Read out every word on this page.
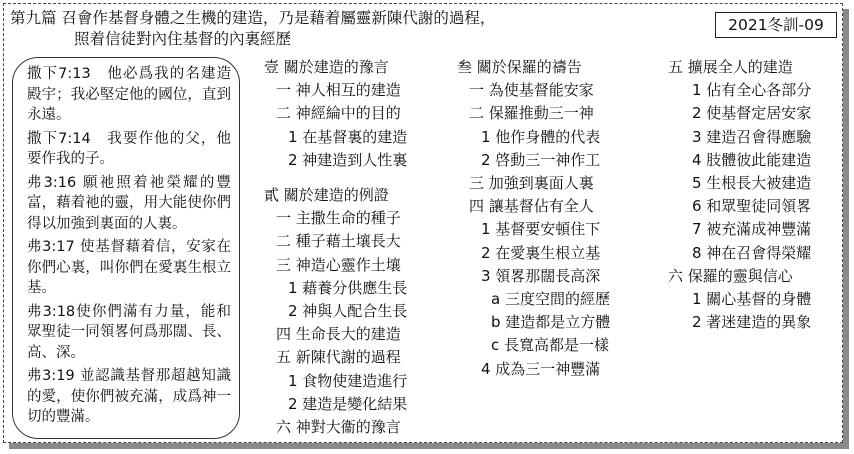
第九篇 召會作基督身體之生機的建造，乃是藉着屬靈新陳代謝的過程，
照着信徒對內住基督的內裏經歷
2021冬訓-09
撒下7:13　他必爲我的名建造殿宇；我必堅定他的國位，直到永遠。
撒下7:14　我要作他的父，他要作我的子。
弗3:16 願祂照着祂榮耀的豐富，藉着祂的靈，用大能使你們得以加強到裏面的人裏。
弗3:17 使基督藉着信，安家在你們心裏，叫你們在愛裏生根立基。
弗3:18使你們滿有力量，能和眾聖徒一同領畧何爲那闊、長、高、深。
弗3:19 並認識基督那超越知識的愛，使你們被充滿，成爲神一切的豐滿。
壹 關於建造的豫言
一 神人相互的建造
二 神經綸中的目的
1 在基督裏的建造
2 神建造到人性裏
貳 關於建造的例證
一 主撒生命的種子
二 種子藉土壤長大
三 神造心靈作土壤
1 藉養分供應生長
2 神與人配合生長
四 生命長大的建造
五 新陳代謝的過程
1 食物使建造進行
2 建造是變化結果
六 神對大衞的豫言
叁 關於保羅的禱告
一 為使基督能安家
二 保羅推動三一神
1 他作身體的代表
2 啓動三一神作工
三 加強到裏面人裏
四 讓基督佔有全人
1 基督要安頓住下
2 在愛裏生根立基
3 領畧那闊長高深
a 三度空間的經歷
b 建造都是立方體
c 長寬高都是一樣
4 成為三一神豐滿
五 擴展全人的建造
1 佔有全心各部分
2 使基督定居安家
3 建造召會得應驗
4 肢體彼此能建造
5 生根長大被建造
6 和眾聖徒同領畧
7 被充滿成神豐滿
8 神在召會得榮耀
六 保羅的靈與信心
1 關心基督的身體
2 著迷建造的異象
